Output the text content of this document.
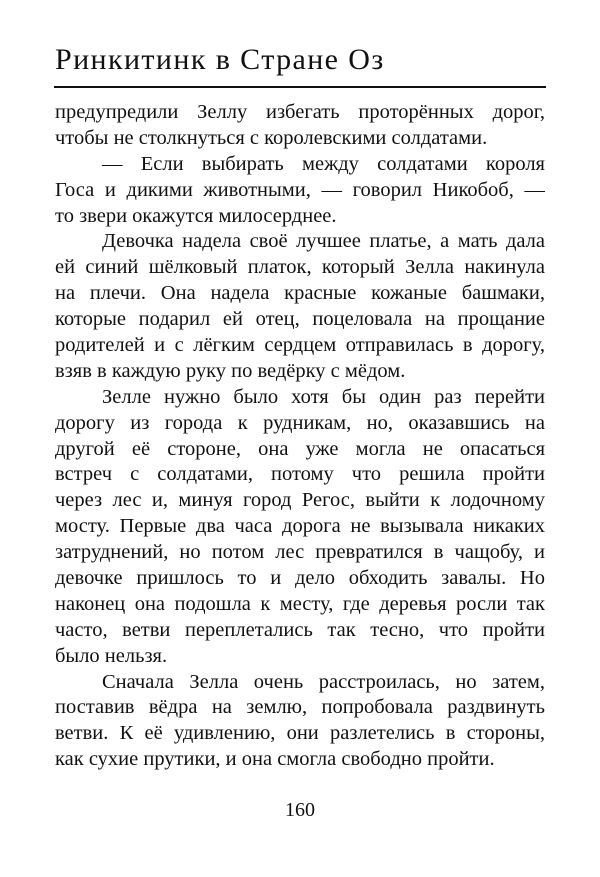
Ринкитинк в Стране Оз
предупредили Зеллу избегать проторённых дорог,
чтобы не столкнуться с королевскими солдатами.
— Если выбирать между солдатами короля
Госа и дикими животными, — говорил Никобоб, —
то звери окажутся милосерднее.
Девочка надела своё лучшее платье, а мать дала
ей синий шёлковый платок, который Зелла накинула
на плечи. Она надела красные кожаные башмаки,
которые подарил ей отец, поцеловала на прощание
родителей и с лёгким сердцем отправилась в дорогу,
взяв в каждую руку по ведёрку с мёдом.
Зелле нужно было хотя бы один раз перейти
дорогу из города к рудникам, но, оказавшись на
другой её стороне, она уже могла не опасаться
встреч с солдатами, потому что решила пройти
через лес и, минуя город Регос, выйти к лодочному
мосту. Первые два часа дорога не вызывала никаких
затруднений, но потом лес превратился в чащобу, и
девочке пришлось то и дело обходить завалы. Но
наконец она подошла к месту, где деревья росли так
часто, ветви переплетались так тесно, что пройти
было нельзя.
Сначала Зелла очень расстроилась, но затем,
поставив вёдра на землю, попробовала раздвинуть
ветви. К её удивлению, они разлетелись в стороны,
как сухие прутики, и она смогла свободно пройти.
160
